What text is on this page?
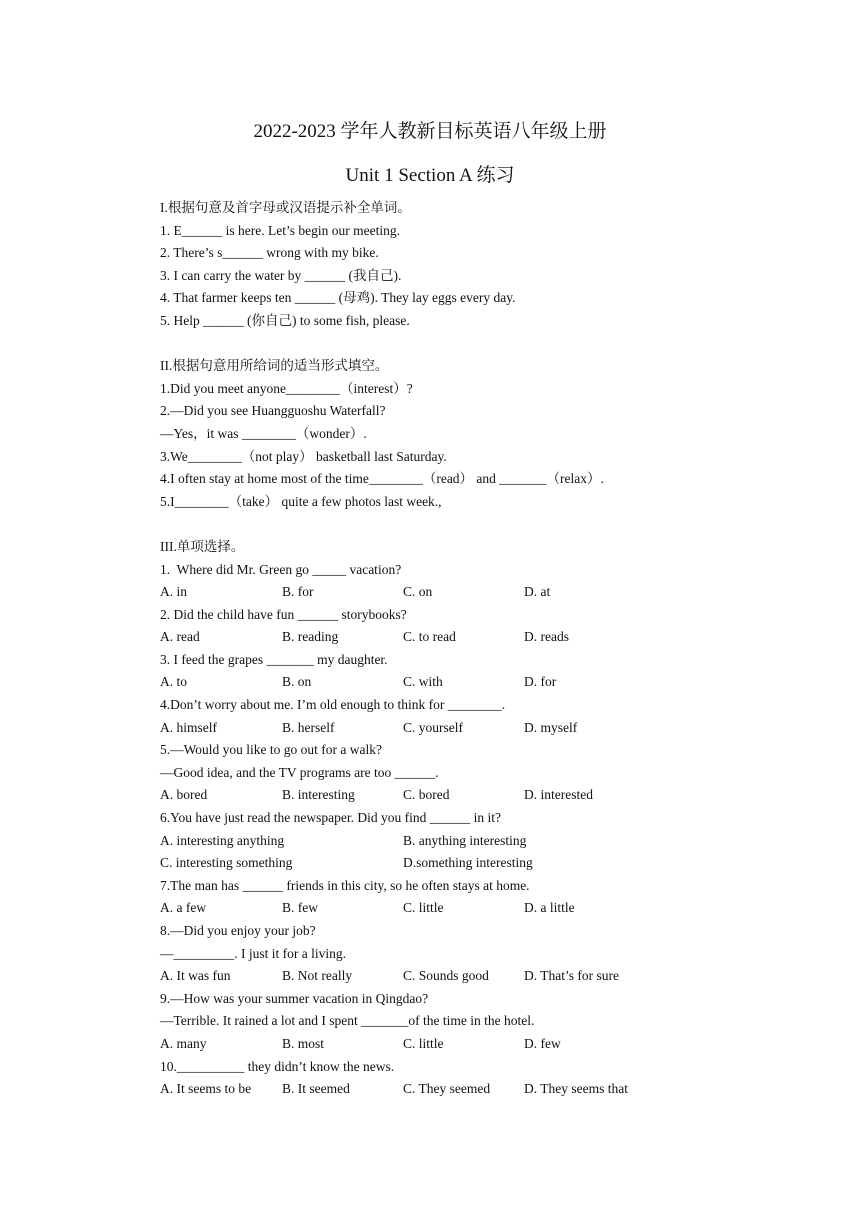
2022-2023 学年人教新目标英语八年级上册
Unit 1 Section A 练习
I.根据句意及首字母或汉语提示补全单词。
1. E______ is here. Let’s begin our meeting.
2. There’s s______ wrong with my bike.
3. I can carry the water by ______ (我自己).
4. That farmer keeps ten ______ (母鸡). They lay eggs every day.
5. Help ______ (你自己) to some fish, please.
II.根据句意用所给词的适当形式填空。
1.Did you meet anyone________（interest）?
2.—Did you see Huangguoshu Waterfall?
—Yes，it was ________（wonder）.
3.We________（not play） basketball last Saturday.
4.I often stay at home most of the time________（read） and _______（relax）.
5.I________（take） quite a few photos last week.,
III.单项选择。
1.  Where did Mr. Green go _____ vacation?
A. in	B. for	C. on	D. at
2. Did the child have fun ______ storybooks?
A. read	B. reading	C. to read	D. reads
3. I feed the grapes _______ my daughter.
A. to	B. on	C. with	D. for
4.Don’t worry about me. I’m old enough to think for ________.
A. himself	B. herself	C. yourself	D. myself
5.—Would you like to go out for a walk?
—Good idea, and the TV programs are too ______.
A. bored	B. interesting	C. bored	D. interested
6.You have just read the newspaper. Did you find ______ in it?
A. interesting anything	B. anything interesting
C. interesting something	D.something interesting
7.The man has ______ friends in this city, so he often stays at home.
A. a few	B. few	C. little	D. a little
8.—Did you enjoy your job?
—_________. I just it for a living.
A. It was fun	B. Not really	C. Sounds good	D. That’s for sure
9.—How was your summer vacation in Qingdao?
—Terrible. It rained a lot and I spent _______of the time in the hotel.
A. many	B. most	C. little	D. few
10.__________ they didn’t know the news.
A. It seems to be B. It seemed	C. They seemed	D. They seems that
